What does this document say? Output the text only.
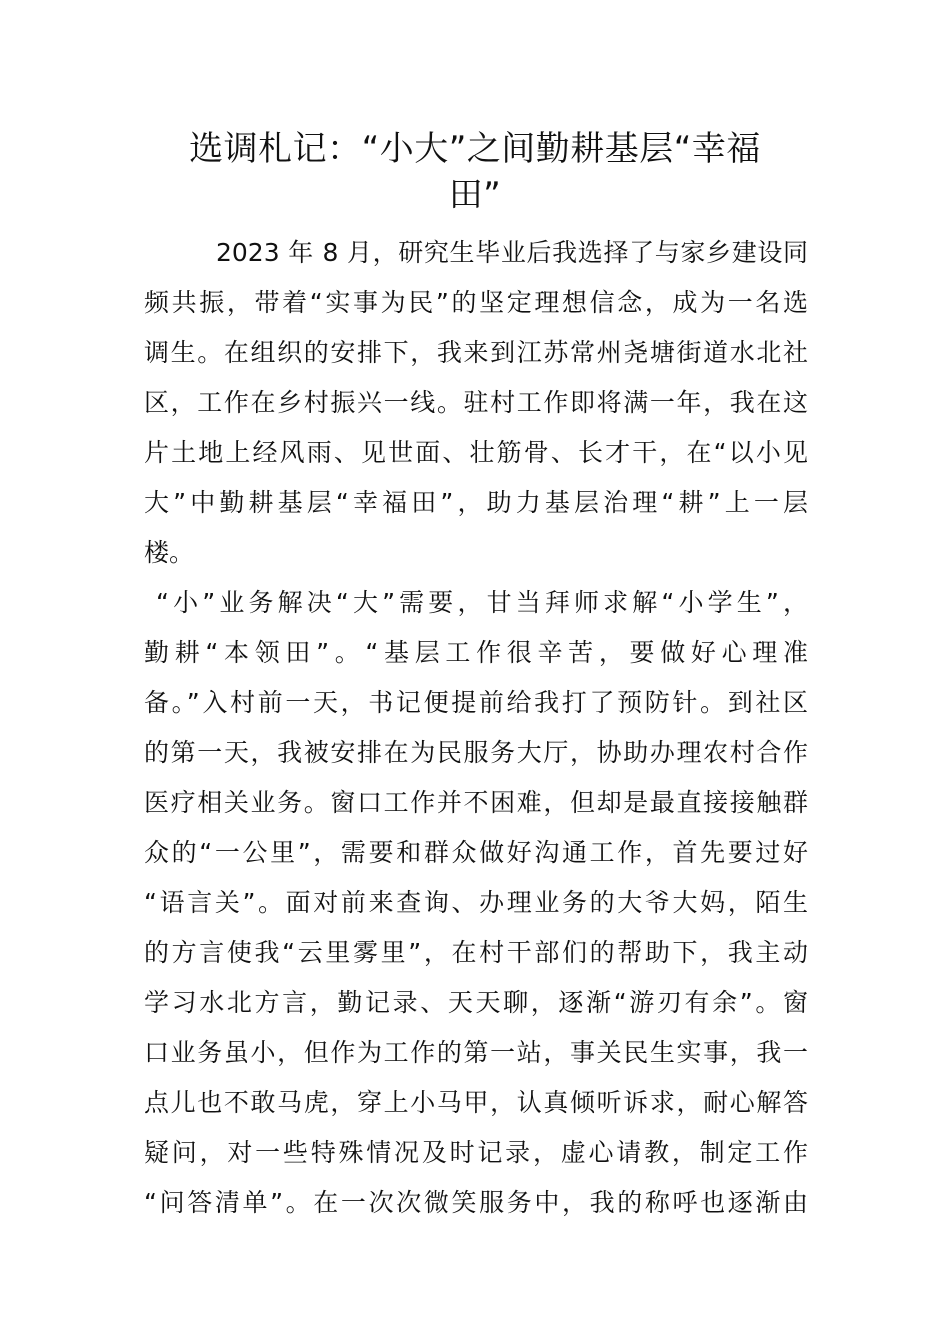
选调札记：“小大”之间勤耕基层“幸福
田”
2023 年 8 月，研究生毕业后我选择了与家乡建设同
频共振，带着“实事为民”的坚定理想信念，成为一名选
调生。在组织的安排下，我来到江苏常州尧塘街道水北社
区，工作在乡村振兴一线。驻村工作即将满一年，我在这
片土地上经风雨、见世面、壮筋骨、长才干，在“以小见
大”中勤耕基层“幸福田”，助力基层治理“耕”上一层
楼。
“小”业务解决“大”需要，甘当拜师求解“小学生”，
勤耕“本领田”。“基层工作很辛苦，要做好心理准
备。”入村前一天，书记便提前给我打了预防针。到社区
的第一天，我被安排在为民服务大厅，协助办理农村合作
医疗相关业务。窗口工作并不困难，但却是最直接接触群
众的“一公里”，需要和群众做好沟通工作，首先要过好
“语言关”。面对前来查询、办理业务的大爷大妈，陌生
的方言使我“云里雾里”，在村干部们的帮助下，我主动
学习水北方言，勤记录、天天聊，逐渐“游刃有余”。窗
口业务虽小，但作为工作的第一站，事关民生实事，我一
点儿也不敢马虎，穿上小马甲，认真倾听诉求，耐心解答
疑问，对一些特殊情况及时记录，虚心请教，制定工作
“问答清单”。在一次次微笑服务中，我的称呼也逐渐由
